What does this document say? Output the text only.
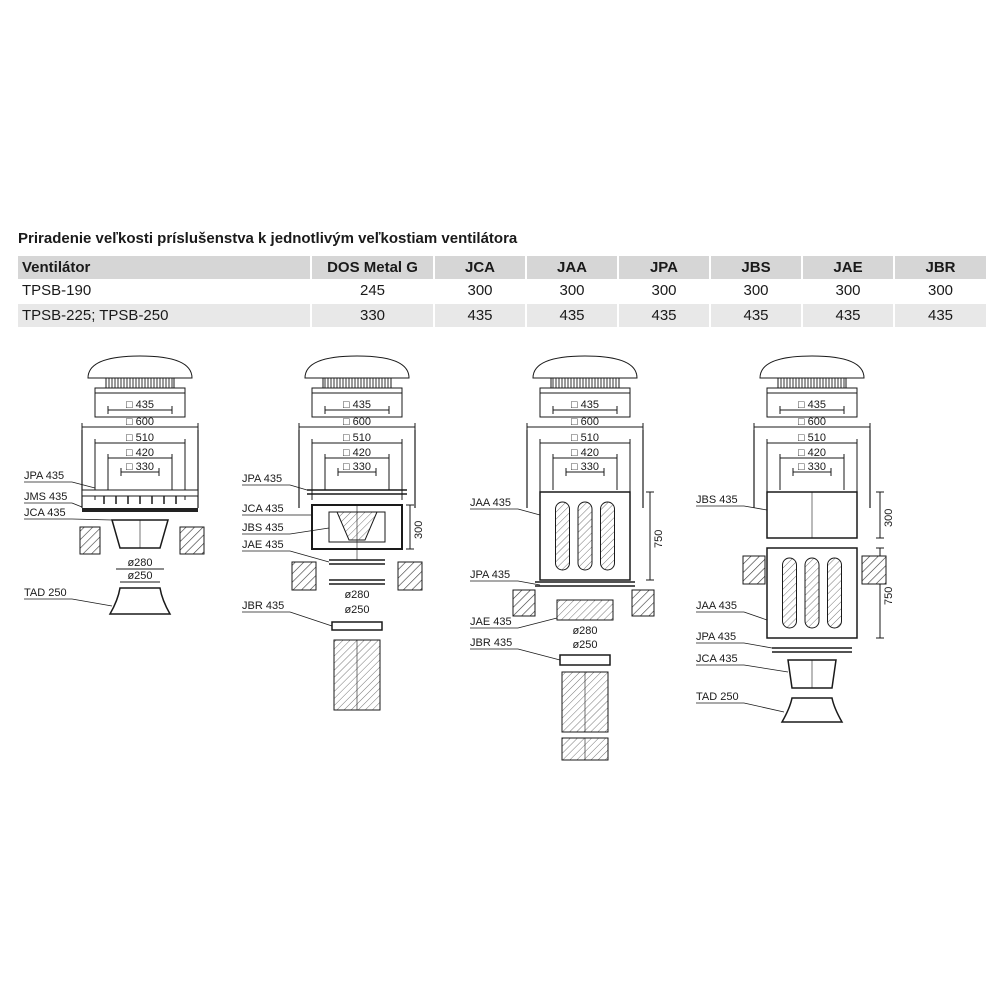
Priradenie veľkosti príslušenstva k jednotlivým veľkostiam ventilátora
Ventilátor	DOS Metal G	JCA	JAA	JPA	JBS	JAE	JBR
TPSB-190	245	300	300	300	300	300	300
TPSB-225; TPSB-250	330	435	435	435	435	435	435
□ 435
□ 600
□ 510
□ 420
□ 330
ø280
ø250
JPA 435
JMS 435
JCA 435
TAD 250
□ 435
□ 600
□ 510
□ 420
□ 330
300
ø280
ø250
JPA 435
JCA 435
JBS 435
JAE 435
JBR 435
□ 435
□ 600
□ 510
□ 420
□ 330
750
ø280
ø250
JAA 435
JPA 435
JAE 435
JBR 435
□ 435
□ 600
□ 510
□ 420
□ 330
300
750
JBS 435
JAA 435
JPA 435
JCA 435
TAD 250
